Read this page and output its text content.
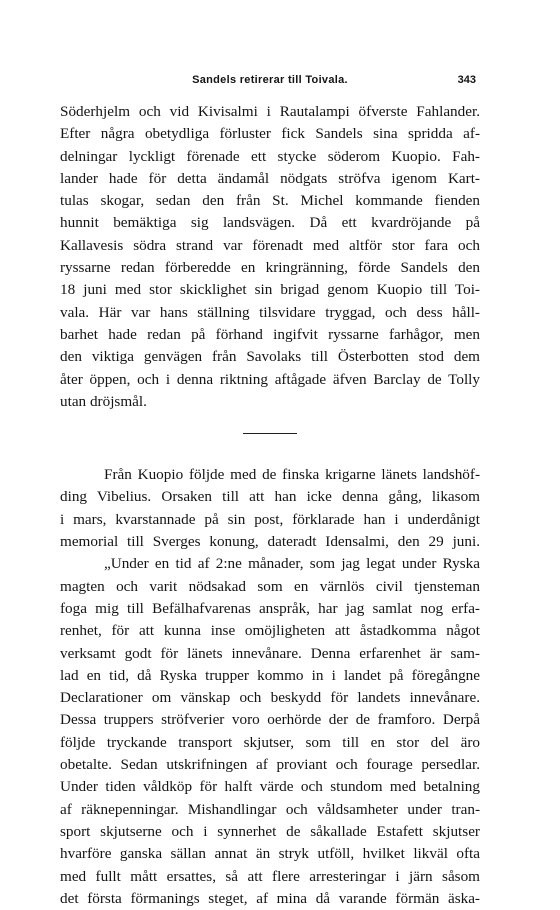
Sandels retirerar till Toivala.	343
Söderhjelm och vid Kivisalmi i Rautalampi öfverste Fahlander.
Efter några obetydliga förluster fick Sandels sina spridda af-
delningar lyckligt förenade ett stycke söderom Kuopio. Fah-
lander hade för detta ändamål nödgats ströfva igenom Kart-
tulas skogar, sedan den från St. Michel kommande fienden
hunnit bemäktiga sig landsvägen. Då ett kvardröjande på
Kallavesis södra strand var förenadt med altför stor fara och
ryssarne redan förberedde en kringränning, förde Sandels den
18 juni med stor skicklighet sin brigad genom Kuopio till Toi-
vala. Här var hans ställning tilsvidare tryggad, och dess håll-
barhet hade redan på förhand ingifvit ryssarne farhågor, men
den viktiga genvägen från Savolaks till Österbotten stod dem
åter öppen, och i denna riktning aftågade äfven Barclay de Tolly
utan dröjsmål.
Från Kuopio följde med de finska krigarne länets landshöf-
ding Vibelius. Orsaken till att han icke denna gång, likasom
i mars, kvarstannade på sin post, förklarade han i underdånigt
memorial till Sverges konung, dateradt Idensalmi, den 29 juni.
„Under en tid af 2:ne månader, som jag legat under Ryska
magten och varit nödsakad som en värnlös civil tjensteman
foga mig till Befälhafvarenas anspråk, har jag samlat nog erfa-
renhet, för att kunna inse omöjligheten att åstadkomma något
verksamt godt för länets innevånare. Denna erfarenhet är sam-
lad en tid, då Ryska trupper kommo in i landet på föregångne
Declarationer om vänskap och beskydd för landets innevånare.
Dessa truppers ströfverier voro oerhörde der de framforo. Derpå
följde tryckande transport skjutser, som till en stor del äro
obetalte. Sedan utskrifningen af proviant och fourage persedlar.
Under tiden våldköp för halft värde och stundom med betalning
af räknepenningar. Mishandlingar och våldsamheter under tran-
sport skjutserne och i synnerhet de såkallade Estafett skjutser
hvarföre ganska sällan annat än stryk utföll, hvilket likväl ofta
med fullt mått ersattes, så att flere arresteringar i järn såsom
det första förmanings steget, af mina då varande förmän äska-
